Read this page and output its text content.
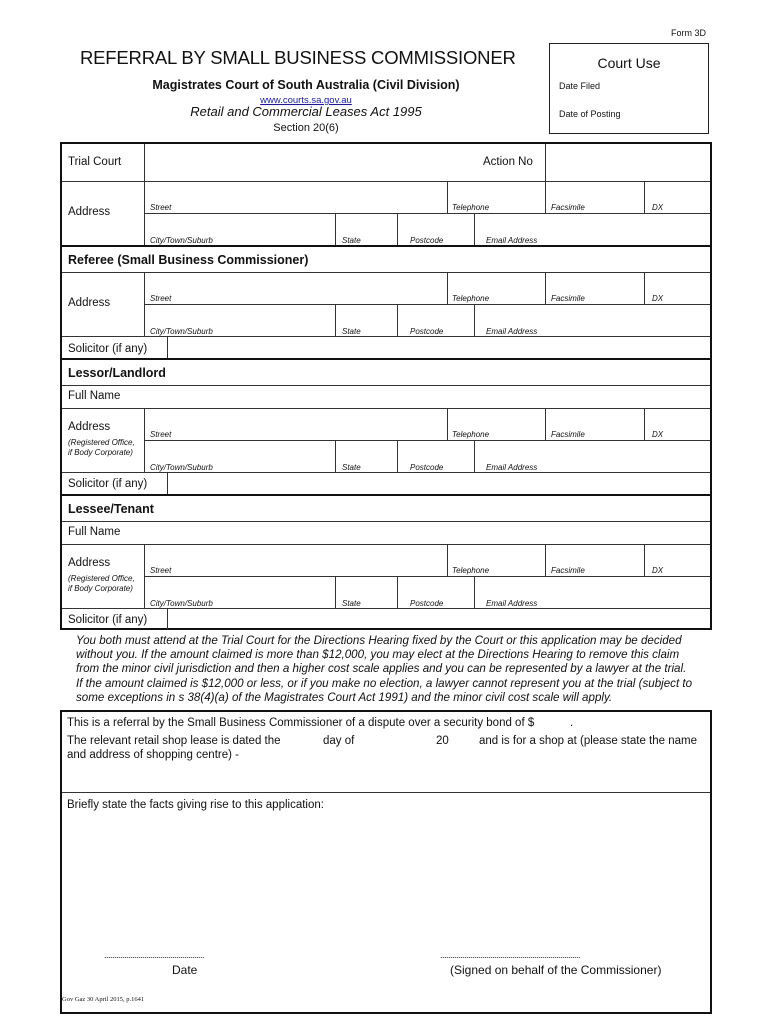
Form 3D
REFERRAL BY SMALL BUSINESS COMMISSIONER
Magistrates Court of South Australia (Civil Division)
www.courts.sa.gov.au
Retail and Commercial Leases Act 1995
Section 20(6)
Court Use
Date Filed
Date of Posting
Trial Court	Action No
Address	Street	Telephone	Facsimile	DX
City/Town/Suburb	State	Postcode	Email Address
Referee (Small Business Commissioner)
Address	Street	Telephone	Facsimile	DX
City/Town/Suburb	State	Postcode	Email Address
Solicitor (if any)
Lessor/Landlord
Full Name
Address
(Registered Office,
if Body Corporate)
Street	Telephone	Facsimile	DX
City/Town/Suburb	State	Postcode	Email Address
Solicitor (if any)
Lessee/Tenant
Full Name
Address
(Registered Office,
if Body Corporate)
Street	Telephone	Facsimile	DX
City/Town/Suburb	State	Postcode	Email Address
Solicitor (if any)
You both must attend at the Trial Court for the Directions Hearing fixed by the Court or this application may be decided
without you. If the amount claimed is more than $12,000, you may elect at the Directions Hearing to remove this claim
from the minor civil jurisdiction and then a higher cost scale applies and you can be represented by a lawyer at the trial.
If the amount claimed is $12,000 or less, or if you make no election, a lawyer cannot represent you at the trial (subject to
some exceptions in s 38(4)(a) of the Magistrates Court Act 1991) and the minor civil cost scale will apply.
This is a referral by the Small Business Commissioner of a dispute over a security bond of $	.
The relevant retail shop lease is dated the	day of	20	and is for a shop at (please state the name
and address of shopping centre) -
Briefly state the facts giving rise to this application:
..................................................	......................................................................
Date	(Signed on behalf of the Commissioner)
Gov Gaz 30 April 2015, p.1641
